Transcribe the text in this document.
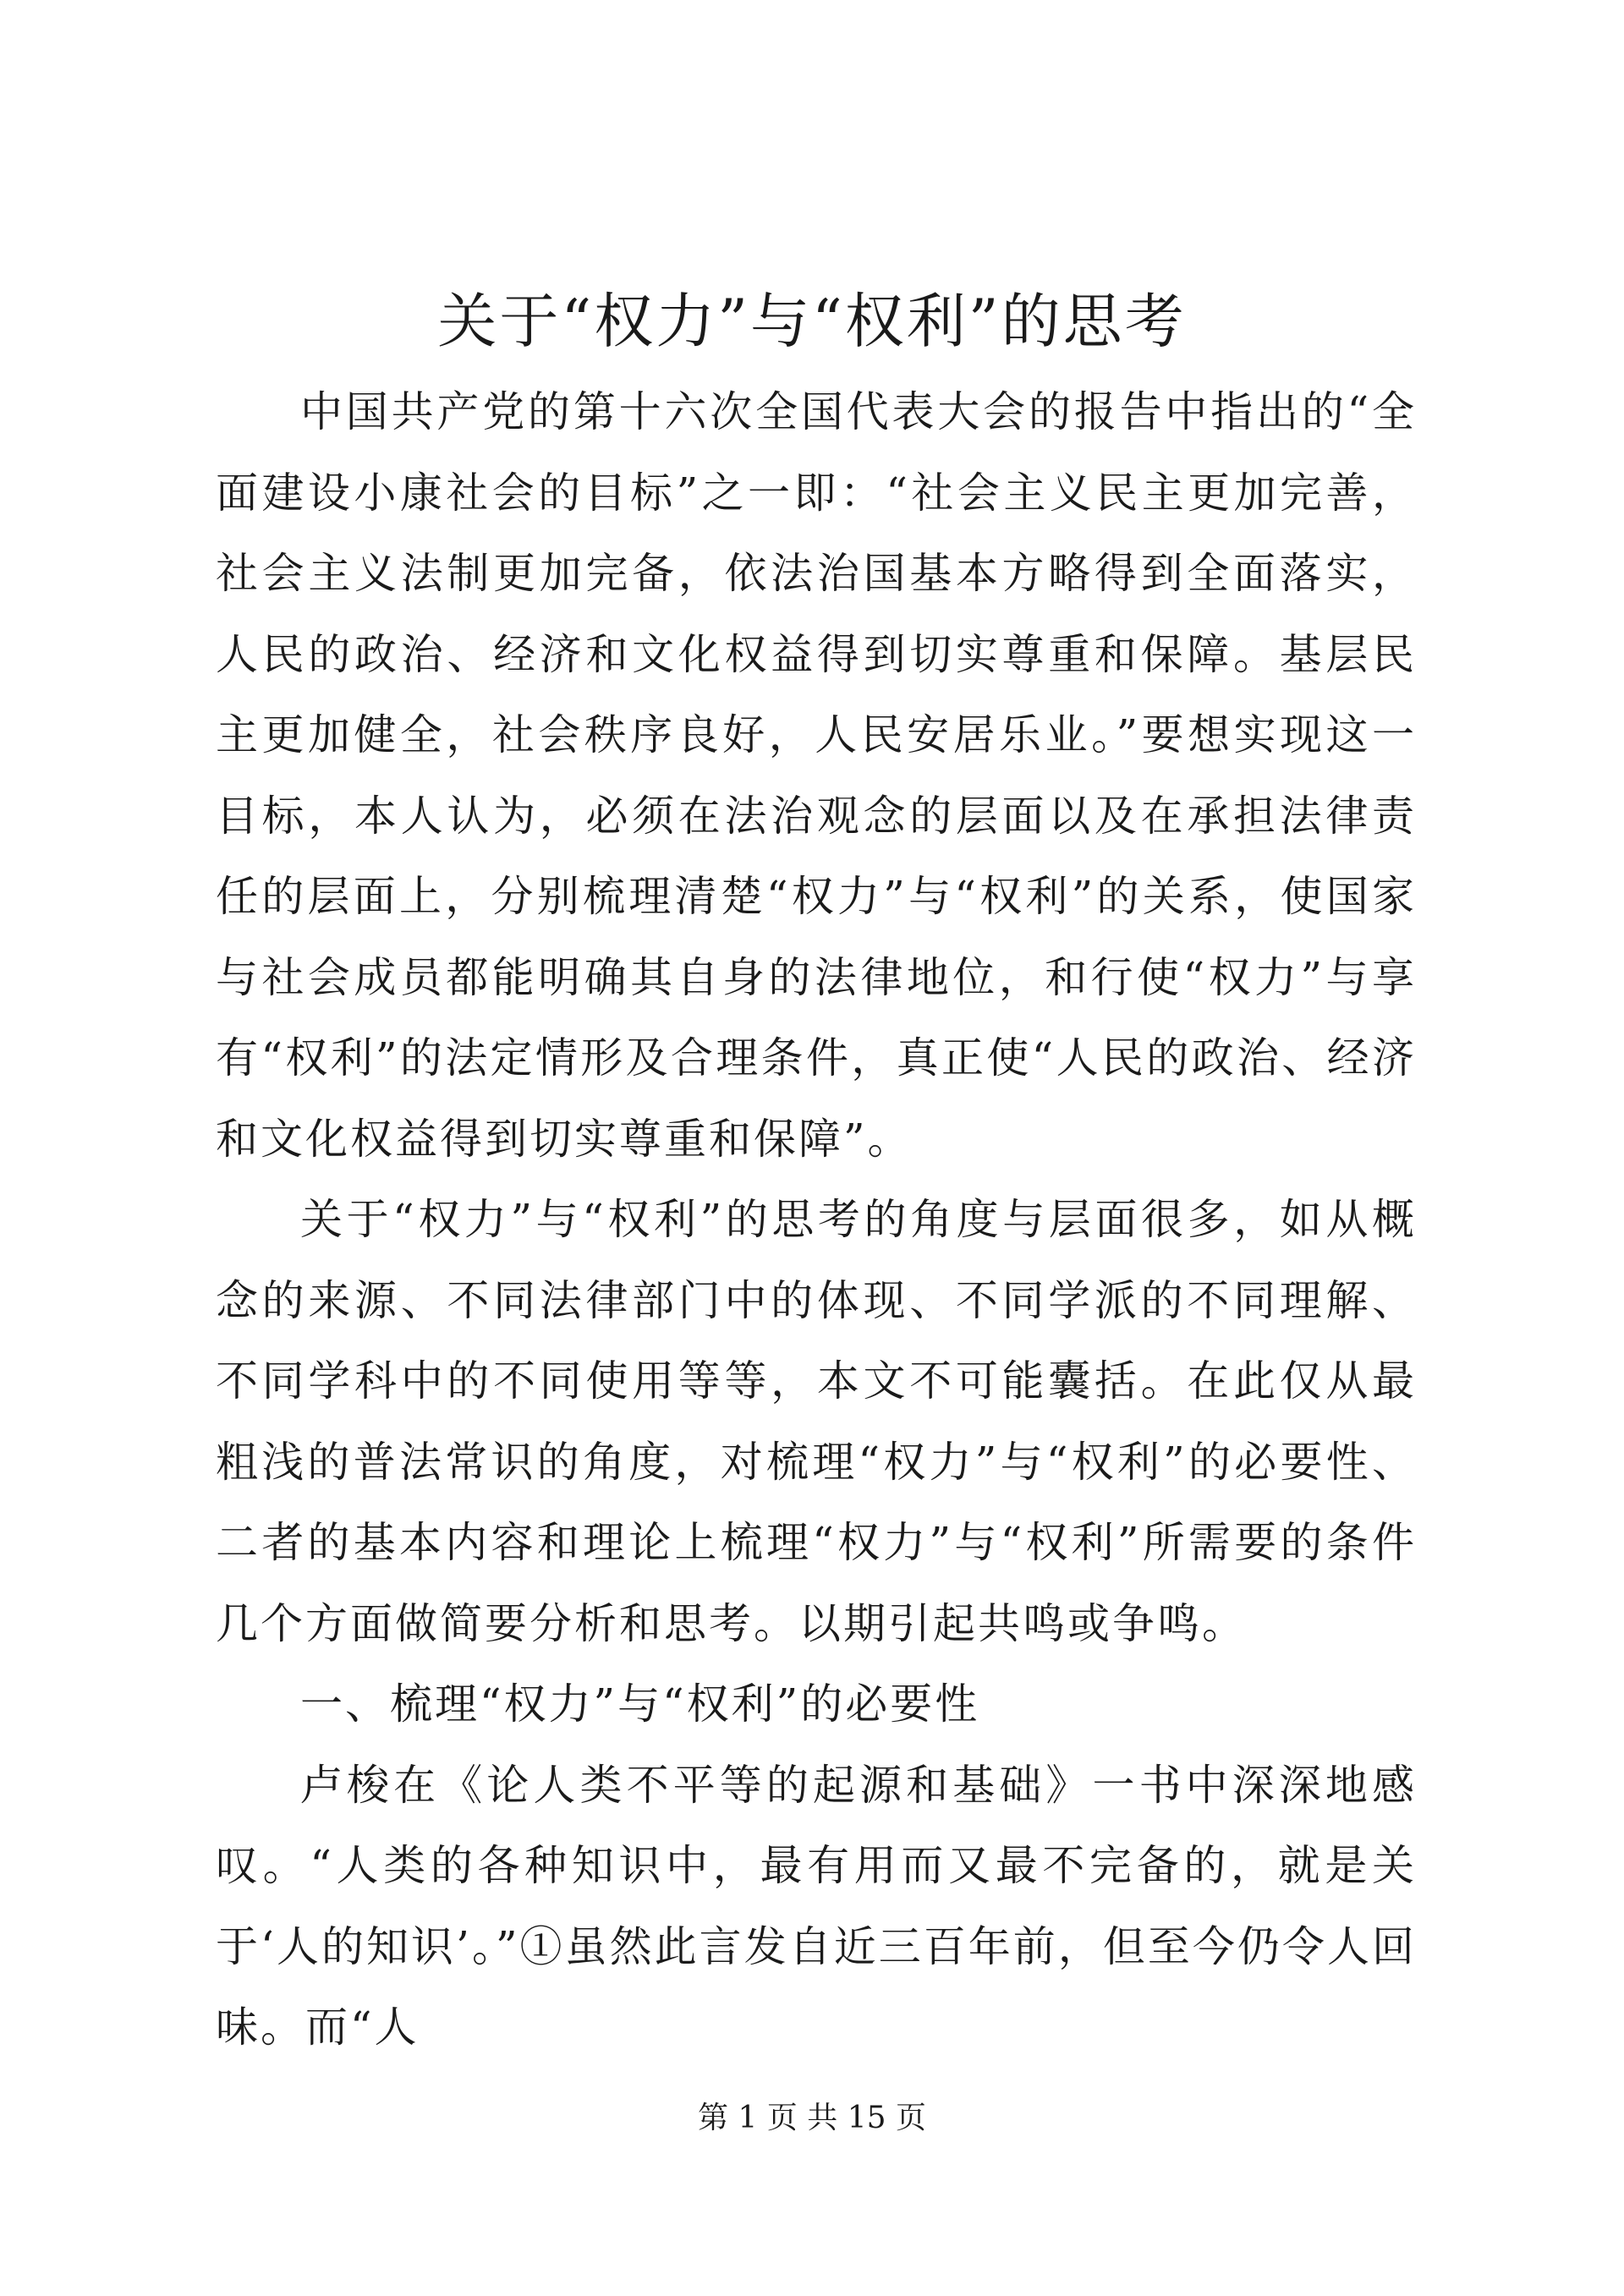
关于“权力”与“权利”的思考

中国共产党的第十六次全国代表大会的报告中指出的“全面建设小康社会的目标”之一即：“社会主义民主更加完善，社会主义法制更加完备，依法治国基本方略得到全面落实，人民的政治、经济和文化权益得到切实尊重和保障。基层民主更加健全，社会秩序良好，人民安居乐业。”要想实现这一目标，本人认为，必须在法治观念的层面以及在承担法律责任的层面上，分别梳理清楚“权力”与“权利”的关系，使国家与社会成员都能明确其自身的法律地位，和行使“权力”与享有“权利”的法定情形及合理条件，真正使“人民的政治、经济和文化权益得到切实尊重和保障”。

关于“权力”与“权利”的思考的角度与层面很多，如从概念的来源、不同法律部门中的体现、不同学派的不同理解、不同学科中的不同使用等等，本文不可能囊括。在此仅从最粗浅的普法常识的角度，对梳理“权力”与“权利”的必要性、二者的基本内容和理论上梳理“权力”与“权利”所需要的条件几个方面做简要分析和思考。以期引起共鸣或争鸣。

一、梳理“权力”与“权利”的必要性

卢梭在《论人类不平等的起源和基础》一书中深深地感叹。“人类的各种知识中，最有用而又最不完备的，就是关于‘人的知识’。”①虽然此言发自近三百年前，但至今仍令人回味。而“人

第 1 页 共 15 页
